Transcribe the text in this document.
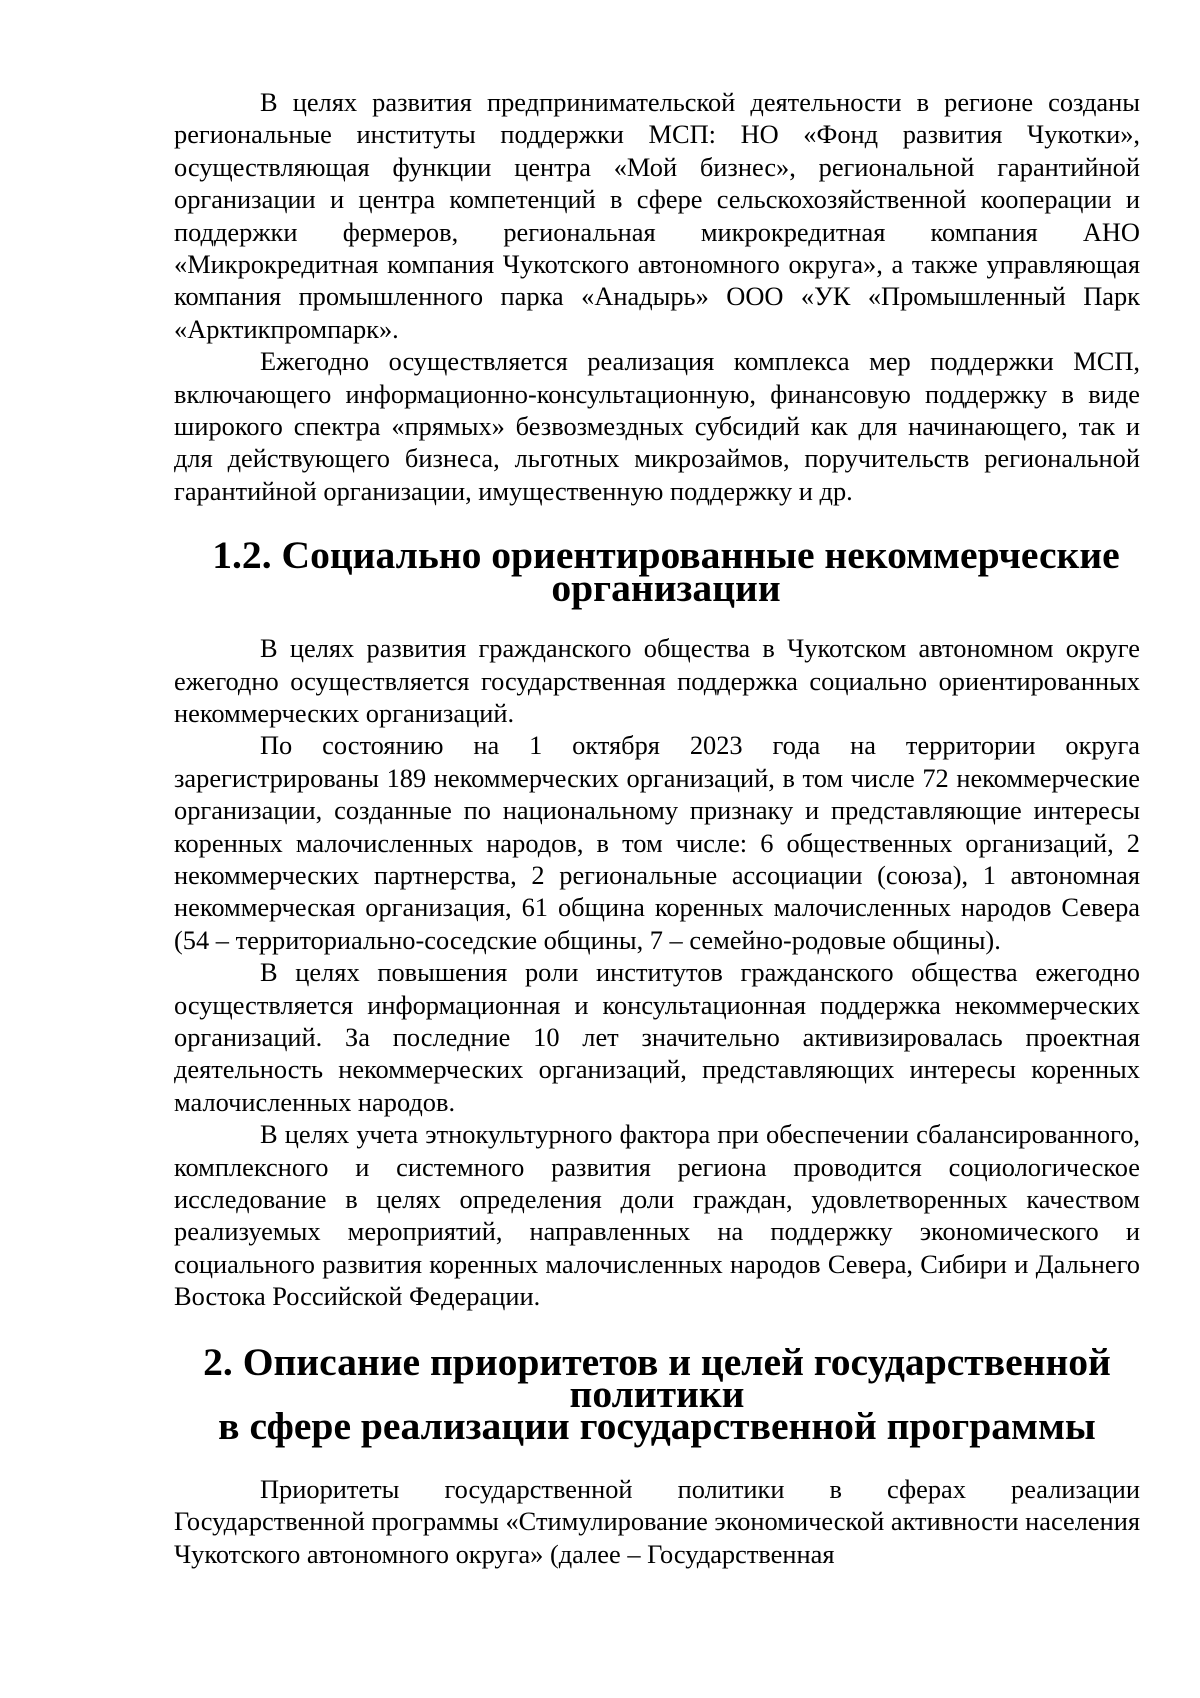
В целях развития предпринимательской деятельности в регионе созданы региональные институты поддержки МСП: НО «Фонд развития Чукотки», осуществляющая функции центра «Мой бизнес», региональной гарантийной организации и центра компетенций в сфере сельскохозяйственной кооперации и поддержки фермеров, региональная микрокредитная компания АНО «Микрокредитная компания Чукотского автономного округа», а также управляющая компания промышленного парка «Анадырь» ООО «УК «Промышленный Парк «Арктикпромпарк».

Ежегодно осуществляется реализация комплекса мер поддержки МСП, включающего информационно-консультационную, финансовую поддержку в виде широкого спектра «прямых» безвозмездных субсидий как для начинающего, так и для действующего бизнеса, льготных микрозаймов, поручительств региональной гарантийной организации, имущественную поддержку и др.

1.2. Социально ориентированные некоммерческие организации

В целях развития гражданского общества в Чукотском автономном округе ежегодно осуществляется государственная поддержка социально ориентированных некоммерческих организаций.

По состоянию на 1 октября 2023 года на территории округа зарегистрированы 189 некоммерческих организаций, в том числе 72 некоммерческие организации, созданные по национальному признаку и представляющие интересы коренных малочисленных народов, в том числе: 6 общественных организаций, 2 некоммерческих партнерства, 2 региональные ассоциации (союза), 1 автономная некоммерческая организация, 61 община коренных малочисленных народов Севера (54 – территориально-соседские общины, 7 – семейно-родовые общины).

В целях повышения роли институтов гражданского общества ежегодно осуществляется информационная и консультационная поддержка некоммерческих организаций. За последние 10 лет значительно активизировалась проектная деятельность некоммерческих организаций, представляющих интересы коренных малочисленных народов.

В целях учета этнокультурного фактора при обеспечении сбалансированного, комплексного и системного развития региона проводится социологическое исследование в целях определения доли граждан, удовлетворенных качеством реализуемых мероприятий, направленных на поддержку экономического и социального развития коренных малочисленных народов Севера, Сибири и Дальнего Востока Российской Федерации.

2. Описание приоритетов и целей государственной политики
в сфере реализации государственной программы

Приоритеты государственной политики в сферах реализации Государственной программы «Стимулирование экономической активности населения Чукотского автономного округа» (далее – Государственная
